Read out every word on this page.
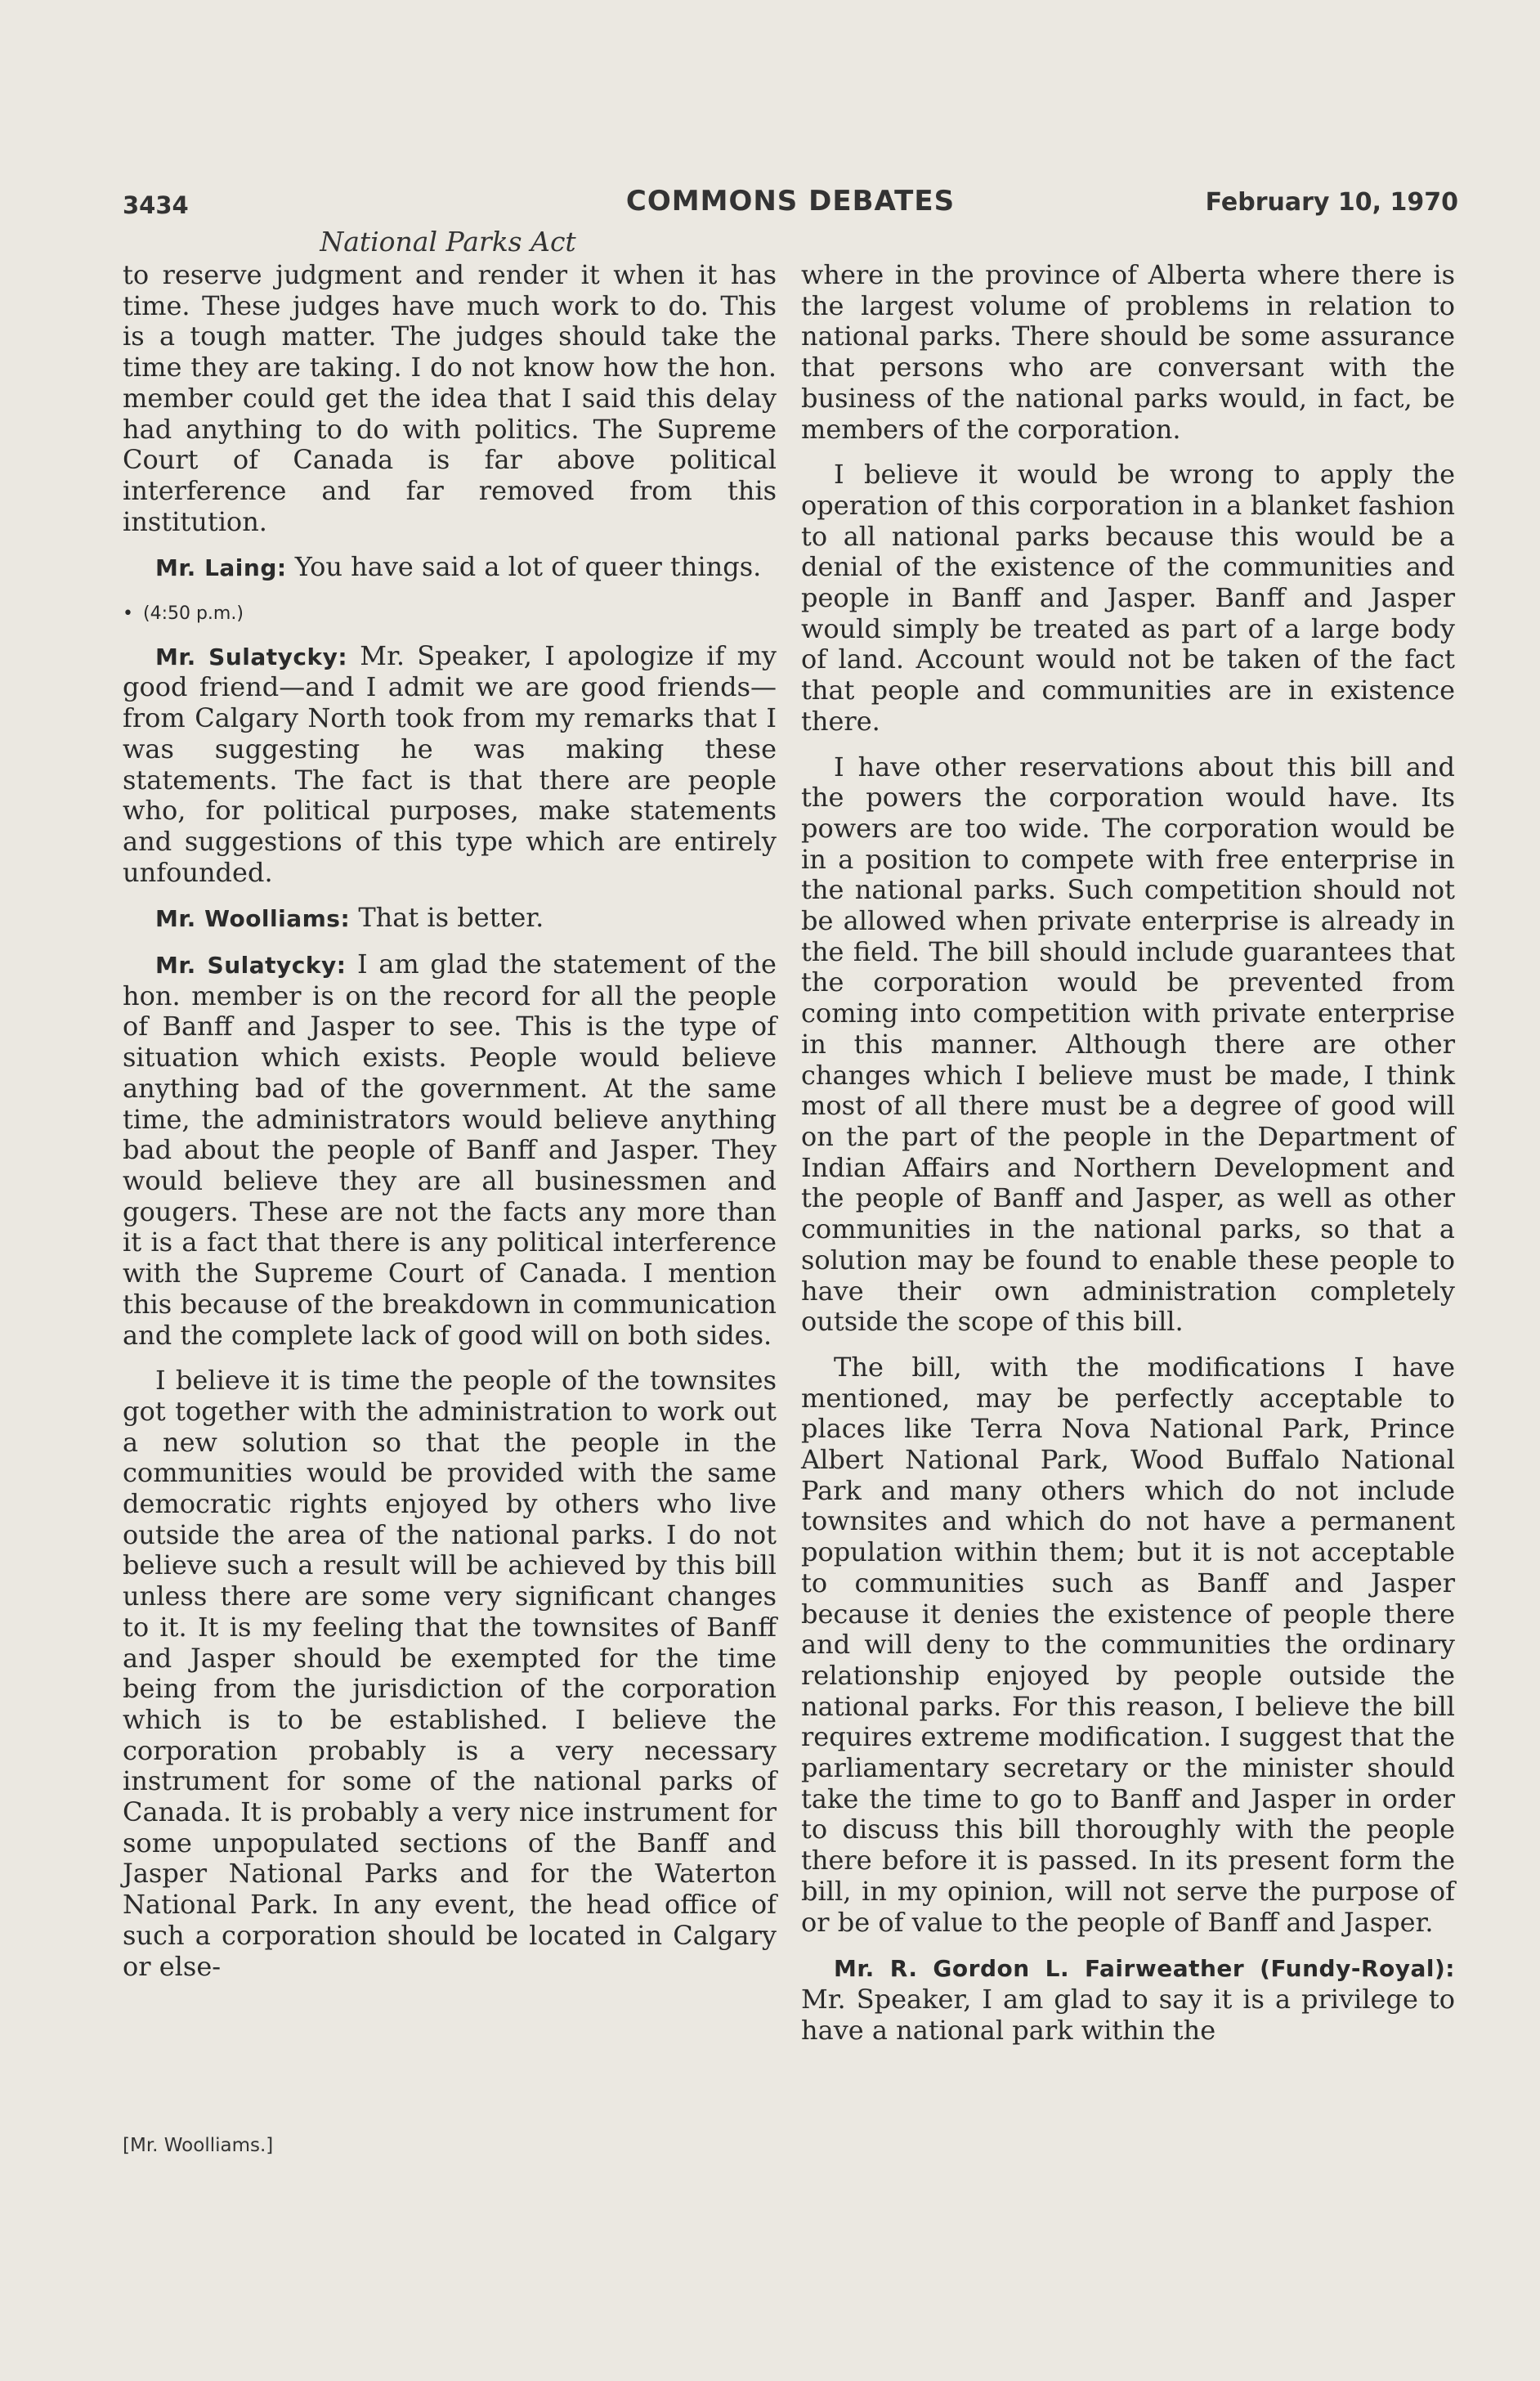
3434	COMMONS DEBATES	February 10, 1970
National Parks Act

to reserve judgment and render it when it has time. These judges have much work to do. This is a tough matter. The judges should take the time they are taking. I do not know how the hon. member could get the idea that I said this delay had anything to do with politics. The Supreme Court of Canada is far above political interference and far removed from this institution.

Mr. Laing: You have said a lot of queer things.

• (4:50 p.m.)

Mr. Sulatycky: Mr. Speaker, I apologize if my good friend—and I admit we are good friends—from Calgary North took from my remarks that I was suggesting he was making these statements. The fact is that there are people who, for political purposes, make statements and suggestions of this type which are entirely unfounded.

Mr. Woolliams: That is better.

Mr. Sulatycky: I am glad the statement of the hon. member is on the record for all the people of Banff and Jasper to see. This is the type of situation which exists. People would believe anything bad of the government. At the same time, the administrators would believe anything bad about the people of Banff and Jasper. They would believe they are all businessmen and gougers. These are not the facts any more than it is a fact that there is any political interference with the Supreme Court of Canada. I mention this because of the breakdown in communication and the complete lack of good will on both sides.

I believe it is time the people of the townsites got together with the administration to work out a new solution so that the people in the communities would be provided with the same democratic rights enjoyed by others who live outside the area of the national parks. I do not believe such a result will be achieved by this bill unless there are some very significant changes to it. It is my feeling that the townsites of Banff and Jasper should be exempted for the time being from the jurisdiction of the corporation which is to be established. I believe the corporation probably is a very necessary instrument for some of the national parks of Canada. It is probably a very nice instrument for some unpopulated sections of the Banff and Jasper National Parks and for the Waterton National Park. In any event, the head office of such a corporation should be located in Calgary or else-

where in the province of Alberta where there is the largest volume of problems in relation to national parks. There should be some assurance that persons who are conversant with the business of the national parks would, in fact, be members of the corporation.

I believe it would be wrong to apply the operation of this corporation in a blanket fashion to all national parks because this would be a denial of the existence of the communities and people in Banff and Jasper. Banff and Jasper would simply be treated as part of a large body of land. Account would not be taken of the fact that people and communities are in existence there.

I have other reservations about this bill and the powers the corporation would have. Its powers are too wide. The corporation would be in a position to compete with free enterprise in the national parks. Such competition should not be allowed when private enterprise is already in the field. The bill should include guarantees that the corporation would be prevented from coming into competition with private enterprise in this manner. Although there are other changes which I believe must be made, I think most of all there must be a degree of good will on the part of the people in the Department of Indian Affairs and Northern Development and the people of Banff and Jasper, as well as other communities in the national parks, so that a solution may be found to enable these people to have their own administration completely outside the scope of this bill.

The bill, with the modifications I have mentioned, may be perfectly acceptable to places like Terra Nova National Park, Prince Albert National Park, Wood Buffalo National Park and many others which do not include townsites and which do not have a permanent population within them; but it is not acceptable to communities such as Banff and Jasper because it denies the existence of people there and will deny to the communities the ordinary relationship enjoyed by people outside the national parks. For this reason, I believe the bill requires extreme modification. I suggest that the parliamentary secretary or the minister should take the time to go to Banff and Jasper in order to discuss this bill thoroughly with the people there before it is passed. In its present form the bill, in my opinion, will not serve the purpose of or be of value to the people of Banff and Jasper.

Mr. R. Gordon L. Fairweather (Fundy-Royal): Mr. Speaker, I am glad to say it is a privilege to have a national park within the

[Mr. Woolliams.]
